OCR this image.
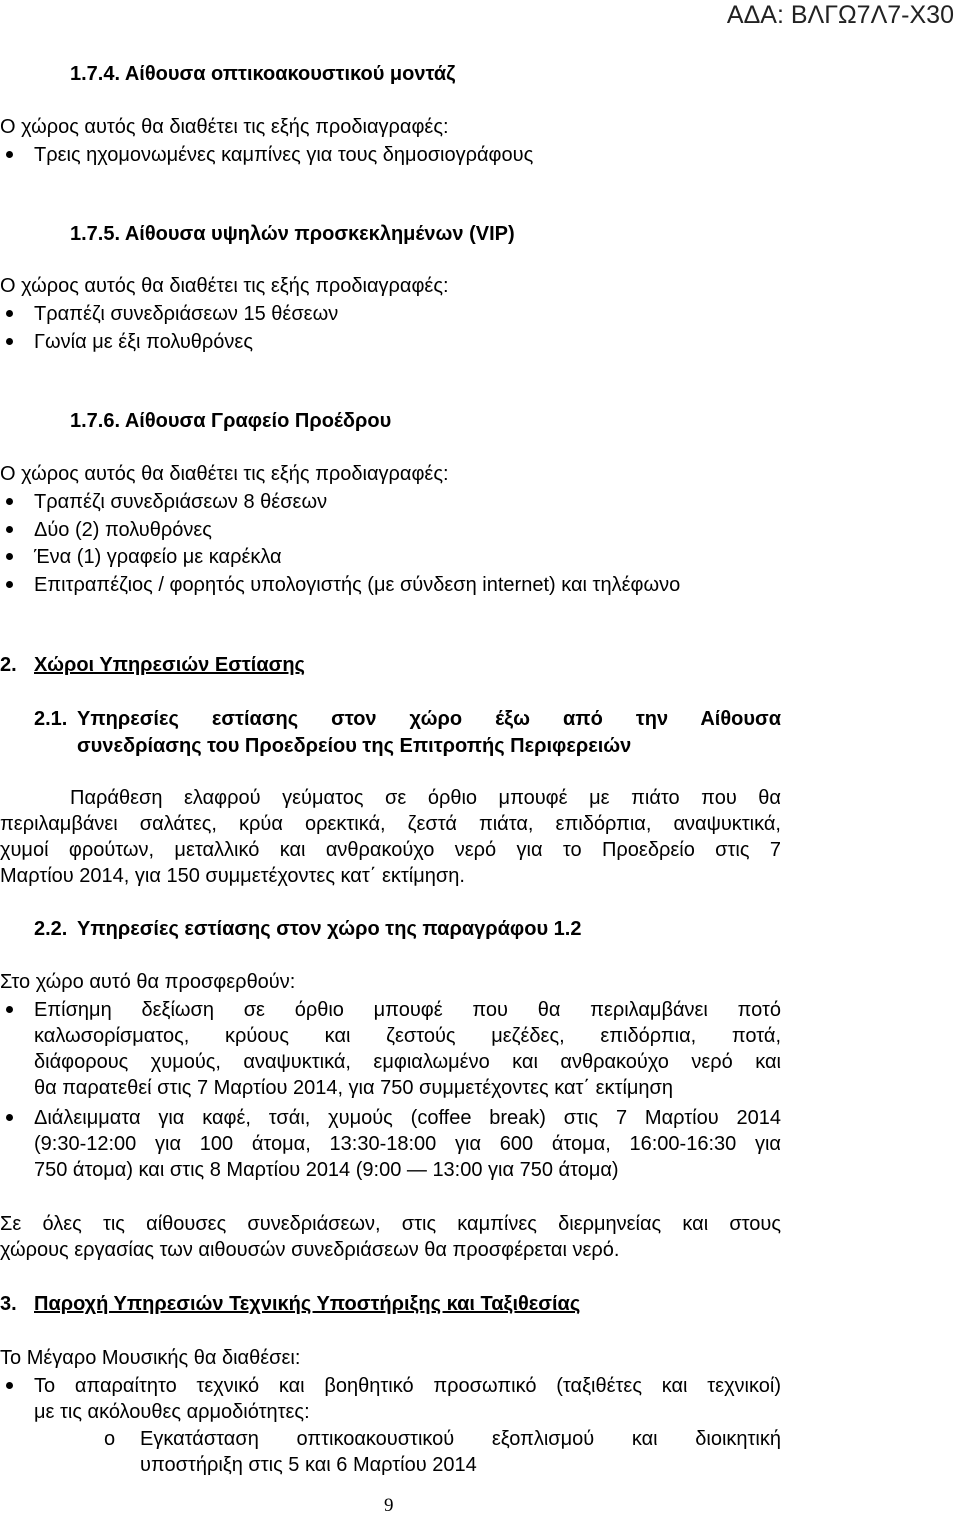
ΑΔΑ: ΒΛΓΩ7Λ7-Χ30
1.7.4. Αίθουσα οπτικοακουστικού μοντάζ
Ο χώρος αυτός θα διαθέτει τις εξής προδιαγραφές:
Τρεις ηχομονωμένες καμπίνες για τους δημοσιογράφους
1.7.5. Αίθουσα υψηλών προσκεκλημένων (VIP)
Ο χώρος αυτός θα διαθέτει τις εξής προδιαγραφές:
Τραπέζι συνεδριάσεων 15 θέσεων
Γωνία με έξι πολυθρόνες
1.7.6. Αίθουσα Γραφείο Προέδρου
Ο χώρος αυτός θα διαθέτει τις εξής προδιαγραφές:
Τραπέζι συνεδριάσεων 8 θέσεων
Δύο (2) πολυθρόνες
Ένα (1) γραφείο με καρέκλα
Επιτραπέζιος / φορητός υπολογιστής (με σύνδεση internet) και τηλέφωνο
2. Χώροι Υπηρεσιών Εστίασης
2.1. Υπηρεσίες εστίασης στον χώρο έξω από την Αίθουσα
συνεδρίασης του Προεδρείου της Επιτροπής Περιφερειών
Παράθεση ελαφρού γεύματος σε όρθιο μπουφέ με πιάτο που θα
περιλαμβάνει σαλάτες, κρύα ορεκτικά, ζεστά πιάτα, επιδόρπια, αναψυκτικά,
χυμοί φρούτων, μεταλλικό και ανθρακούχο νερό για το Προεδρείο στις 7
Μαρτίου 2014, για 150 συμμετέχοντες κατ΄ εκτίμηση.
2.2. Υπηρεσίες εστίασης στον χώρο της παραγράφου 1.2
Στο χώρο αυτό θα προσφερθούν:
Επίσημη δεξίωση σε όρθιο μπουφέ που θα περιλαμβάνει ποτό
καλωσορίσματος, κρύους και ζεστούς μεζέδες, επιδόρπια, ποτά,
διάφορους χυμούς, αναψυκτικά, εμφιαλωμένο και ανθρακούχο νερό και
θα παρατεθεί στις 7 Μαρτίου 2014, για 750 συμμετέχοντες κατ΄ εκτίμηση
Διάλειμματα για καφέ, τσάι, χυμούς (coffee break) στις 7 Μαρτίου 2014
(9:30-12:00 για 100 άτομα, 13:30-18:00 για 600 άτομα, 16:00-16:30 για
750 άτομα) και στις 8 Μαρτίου 2014 (9:00 — 13:00 για 750 άτομα)
Σε όλες τις αίθουσες συνεδριάσεων, στις καμπίνες διερμηνείας και στους
χώρους εργασίας των αιθουσών συνεδριάσεων θα προσφέρεται νερό.
3. Παροχή Υπηρεσιών Τεχνικής Υποστήριξης και Ταξιθεσίας
Το Μέγαρο Μουσικής θα διαθέσει:
Το απαραίτητο τεχνικό και βοηθητικό προσωπικό (ταξιθέτες και τεχνικοί)
με τις ακόλουθες αρμοδιότητες:
o Εγκατάσταση οπτικοακουστικού εξοπλισμού και διοικητική
υποστήριξη στις 5 και 6 Μαρτίου 2014
9
